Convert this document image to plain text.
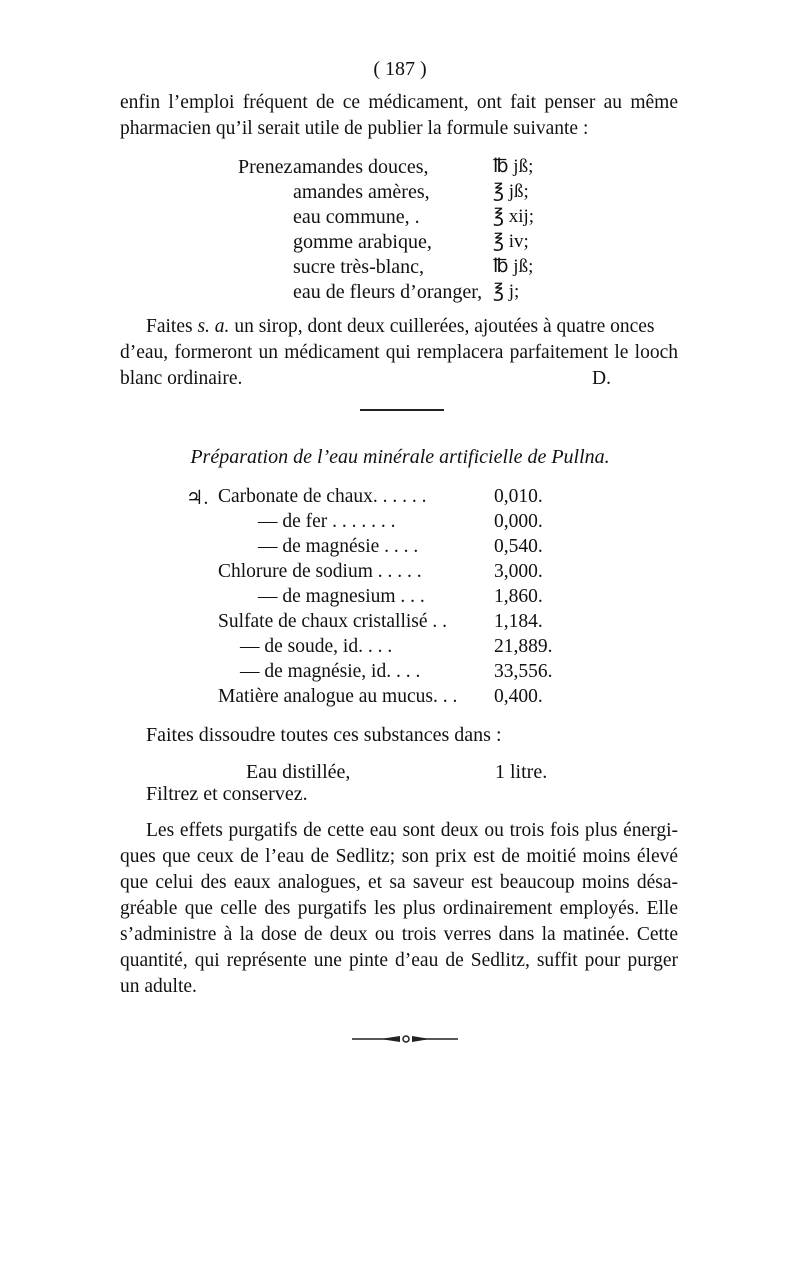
( 187 )
enfin l’emploi fréquent de ce médicament, ont fait penser au même
pharmacien qu’il serait utile de publier la formule suivante :
Prenez amandes douces,	℔ jß;
amandes amères,	℥ jß;
eau commune, .	℥ xij;
gomme arabique,	℥ iv;
sucre très-blanc,	℔ jß;
eau de fleurs d’oranger, ℥ j;
Faites s. a. un sirop, dont deux cuillerées, ajoutées à quatre onces
d’eau, formeront un médicament qui remplacera parfaitement le looch
blanc ordinaire.	D.
Préparation de l’eau minérale artificielle de Pullna.
♃. Carbonate de chaux. . . . . .	0,010.
— de fer . . . . . . .	0,000.
— de magnésie . . . .	0,540.
Chlorure de sodium . . . . .	3,000.
— de magnesium . . .	1,860.
Sulfate de chaux cristallisé . . 1,184.
— de soude, id. . . .	21,889.
— de magnésie, id. . . .	33,556.
Matière analogue au mucus. . . 0,400.
Faites dissoudre toutes ces substances dans :
Eau distillée,	1 litre.
Filtrez et conservez.
Les effets purgatifs de cette eau sont deux ou trois fois plus énergi-
ques que ceux de l’eau de Sedlitz; son prix est de moitié moins élevé
que celui des eaux analogues, et sa saveur est beaucoup moins désa-
gréable que celle des purgatifs les plus ordinairement employés. Elle
s’administre à la dose de deux ou trois verres dans la matinée. Cette
quantité, qui représente une pinte d’eau de Sedlitz, suffit pour purger
un adulte.
